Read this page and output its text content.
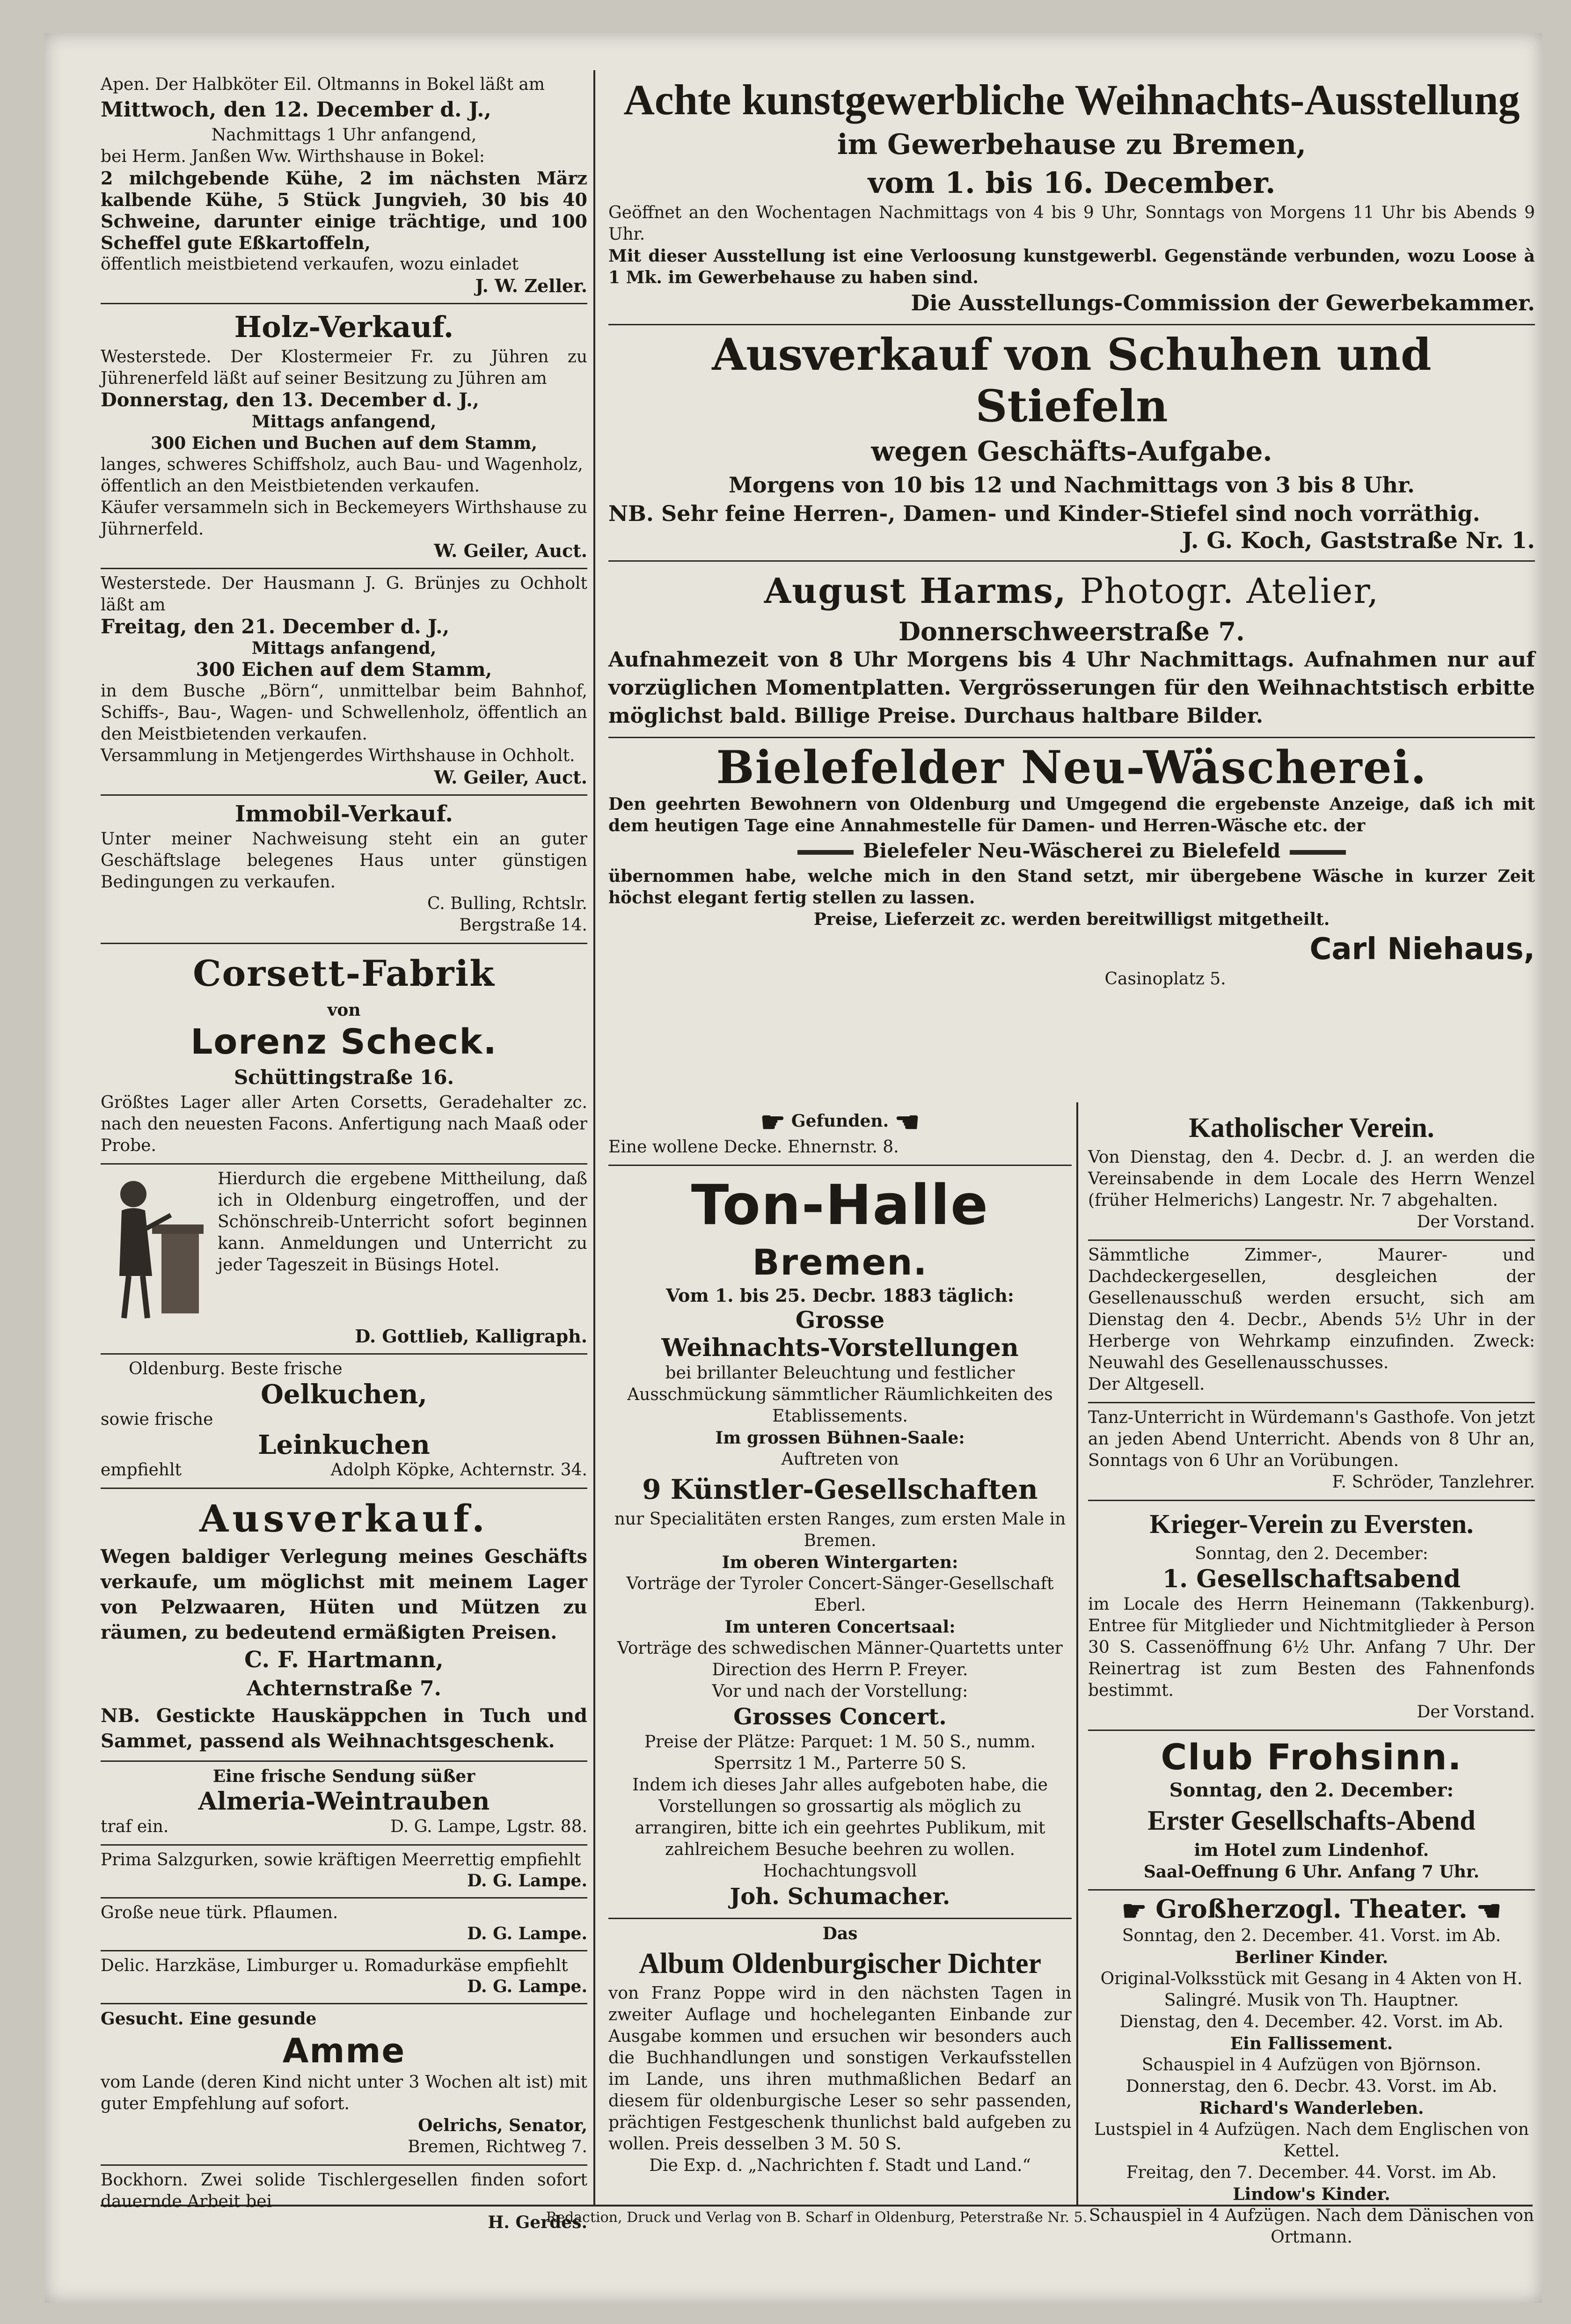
Apen. Der Halbköter Eil. Oltmanns in Bokel läßt am

Mittwoch, den 12. December d. J.,

Nachmittags 1 Uhr anfangend,

bei Herm. Janßen Ww. Wirthshause in Bokel:

2 milchgebende Kühe, 2 im nächsten März kalbende Kühe, 5 Stück Jungvieh, 30 bis 40 Schweine, darunter einige trächtige, und 100 Scheffel gute Eßkartoffeln,

öffentlich meistbietend verkaufen, wozu einladet

J. W. Zeller.

Holz-Verkauf.

Westerstede. Der Klostermeier Fr. zu Jühren zu Jührenerfeld läßt auf seiner Besitzung zu Jühren am

Donnerstag, den 13. December d. J.,

Mittags anfangend,

300 Eichen und Buchen auf dem Stamm,

langes, schweres Schiffsholz, auch Bau- und Wagenholz,

öffentlich an den Meistbietenden verkaufen.

Käufer versammeln sich in Beckemeyers Wirthshause zu Jührnerfeld.

W. Geiler, Auct.

Westerstede. Der Hausmann J. G. Brünjes zu Ochholt läßt am

Freitag, den 21. December d. J.,

Mittags anfangend,

300 Eichen auf dem Stamm,

in dem Busche „Börn“, unmittelbar beim Bahnhof, Schiffs-, Bau-, Wagen- und Schwellenholz, öffentlich an den Meistbietenden verkaufen.

Versammlung in Metjengerdes Wirthshause in Ochholt.

W. Geiler, Auct.

Immobil-Verkauf.

Unter meiner Nachweisung steht ein an guter Geschäftslage belegenes Haus unter günstigen Bedingungen zu verkaufen.

C. Bulling, Rchtslr.

Bergstraße 14.

Corsett-Fabrik

von

Lorenz Scheck.

Schüttingstraße 16.

Größtes Lager aller Arten Corsetts, Geradehalter zc. nach den neuesten Facons. Anfertigung nach Maaß oder Probe.

Hierdurch die ergebene Mittheilung, daß ich in Oldenburg eingetroffen, und der Schönschreib-Unterricht sofort beginnen kann. Anmeldungen und Unterricht zu jeder Tageszeit in Büsings Hotel.

D. Gottlieb, Kalligraph.

Oldenburg. Beste frische

Oelkuchen,

sowie frische

Leinkuchen

empfiehlt	Adolph Köpke, Achternstr. 34.

Ausverkauf.

Wegen baldiger Verlegung meines Geschäfts verkaufe, um möglichst mit meinem Lager von Pelzwaaren, Hüten und Mützen zu räumen, zu bedeutend ermäßigten Preisen.

C. F. Hartmann,

Achternstraße 7.

NB. Gestickte Hauskäppchen in Tuch und Sammet, passend als Weihnachtsgeschenk.

Eine frische Sendung süßer

Almeria-Weintrauben

traf ein.	D. G. Lampe, Lgstr. 88.

Prima Salzgurken, sowie kräftigen Meerrettig empfiehlt

D. G. Lampe.

Große neue türk. Pflaumen.

D. G. Lampe.

Delic. Harzkäse, Limburger u. Romadurkäse empfiehlt

D. G. Lampe.

Gesucht. Eine gesunde

Amme

vom Lande (deren Kind nicht unter 3 Wochen alt ist) mit guter Empfehlung auf sofort.

Oelrichs, Senator,

Bremen, Richtweg 7.

Bockhorn. Zwei solide Tischlergesellen finden sofort dauernde Arbeit bei

H. Gerdes.

Achte kunstgewerbliche Weihnachts-Ausstellung

im Gewerbehause zu Bremen,

vom 1. bis 16. December.

Geöffnet an den Wochentagen Nachmittags von 4 bis 9 Uhr, Sonntags von Morgens 11 Uhr bis Abends 9 Uhr.

Mit dieser Ausstellung ist eine Verloosung kunstgewerbl. Gegenstände verbunden, wozu Loose à 1 Mk. im Gewerbehause zu haben sind.

Die Ausstellungs-Commission der Gewerbekammer.

Ausverkauf von Schuhen und Stiefeln

wegen Geschäfts-Aufgabe.

Morgens von 10 bis 12 und Nachmittags von 3 bis 8 Uhr.

NB. Sehr feine Herren-, Damen- und Kinder-Stiefel sind noch vorräthig.

J. G. Koch, Gaststraße Nr. 1.

August Harms, Photogr. Atelier,

Donnerschweerstraße 7.

Aufnahmezeit von 8 Uhr Morgens bis 4 Uhr Nachmittags. Aufnahmen nur auf vorzüglichen Momentplatten. Vergrösserungen für den Weihnachtstisch erbitte möglichst bald. Billige Preise. Durchaus haltbare Bilder.

Bielefelder Neu-Wäscherei.

Den geehrten Bewohnern von Oldenburg und Umgegend die ergebenste Anzeige, daß ich mit dem heutigen Tage eine Annahmestelle für Damen- und Herren-Wäsche etc. der

Bielefeler Neu-Wäscherei zu Bielefeld

übernommen habe, welche mich in den Stand setzt, mir übergebene Wäsche in kurzer Zeit höchst elegant fertig stellen zu lassen.

Preise, Lieferzeit zc. werden bereitwilligst mitgetheilt.

Carl Niehaus,

Casinoplatz 5.

☛ Gefunden. ☚

Eine wollene Decke. Ehnernstr. 8.

Ton-Halle

Bremen.

Vom 1. bis 25. Decbr. 1883 täglich:

Grosse

Weihnachts-Vorstellungen

bei brillanter Beleuchtung und festlicher Ausschmückung sämmtlicher Räumlichkeiten des Etablissements.

Im grossen Bühnen-Saale:

Auftreten von

9 Künstler-Gesellschaften

nur Specialitäten ersten Ranges, zum ersten Male in Bremen.

Im oberen Wintergarten:

Vorträge der Tyroler Concert-Sänger-Gesellschaft Eberl.

Im unteren Concertsaal:

Vorträge des schwedischen Männer-Quartetts unter Direction des Herrn P. Freyer.

Vor und nach der Vorstellung:

Grosses Concert.

Preise der Plätze: Parquet: 1 M. 50 S., numm. Sperrsitz 1 M., Parterre 50 S.

Indem ich dieses Jahr alles aufgeboten habe, die Vorstellungen so grossartig als möglich zu arrangiren, bitte ich ein geehrtes Publikum, mit zahlreichem Besuche beehren zu wollen.

Hochachtungsvoll

Joh. Schumacher.

Das

Album Oldenburgischer Dichter

von Franz Poppe wird in den nächsten Tagen in zweiter Auflage und hocheleganten Einbande zur Ausgabe kommen und ersuchen wir besonders auch die Buchhandlungen und sonstigen Verkaufsstellen im Lande, uns ihren muthmaßlichen Bedarf an diesem für oldenburgische Leser so sehr passenden, prächtigen Festgeschenk thunlichst bald aufgeben zu wollen. Preis desselben 3 M. 50 S.

Die Exp. d. „Nachrichten f. Stadt und Land.“

Katholischer Verein.

Von Dienstag, den 4. Decbr. d. J. an werden die Vereinsabende in dem Locale des Herrn Wenzel (früher Helmerichs) Langestr. Nr. 7 abgehalten.

Der Vorstand.

Sämmtliche Zimmer-, Maurer- und Dachdeckergesellen, desgleichen der Gesellenausschuß werden ersucht, sich am Dienstag den 4. Decbr., Abends 5½ Uhr in der Herberge von Wehrkamp einzufinden. Zweck: Neuwahl des Gesellenausschusses.

Der Altgesell.

Tanz-Unterricht in Würdemann's Gasthofe. Von jetzt an jeden Abend Unterricht. Abends von 8 Uhr an, Sonntags von 6 Uhr an Vorübungen.

F. Schröder, Tanzlehrer.

Krieger-Verein zu Eversten.

Sonntag, den 2. December:

1. Gesellschaftsabend

im Locale des Herrn Heinemann (Takkenburg). Entree für Mitglieder und Nichtmitglieder à Person 30 S. Cassenöffnung 6½ Uhr. Anfang 7 Uhr. Der Reinertrag ist zum Besten des Fahnenfonds bestimmt.

Der Vorstand.

Club Frohsinn.

Sonntag, den 2. December:

Erster Gesellschafts-Abend

im Hotel zum Lindenhof.

Saal-Oeffnung 6 Uhr. Anfang 7 Uhr.

☛ Großherzogl. Theater. ☚

Sonntag, den 2. December. 41. Vorst. im Ab.

Berliner Kinder.

Original-Volksstück mit Gesang in 4 Akten von H. Salingré. Musik von Th. Hauptner.

Dienstag, den 4. December. 42. Vorst. im Ab.

Ein Fallissement.

Schauspiel in 4 Aufzügen von Björnson.

Donnerstag, den 6. Decbr. 43. Vorst. im Ab.

Richard's Wanderleben.

Lustspiel in 4 Aufzügen. Nach dem Englischen von Kettel.

Freitag, den 7. December. 44. Vorst. im Ab.

Lindow's Kinder.

Schauspiel in 4 Aufzügen. Nach dem Dänischen von Ortmann.

Redaction, Druck und Verlag von B. Scharf in Oldenburg, Peterstraße Nr. 5.
